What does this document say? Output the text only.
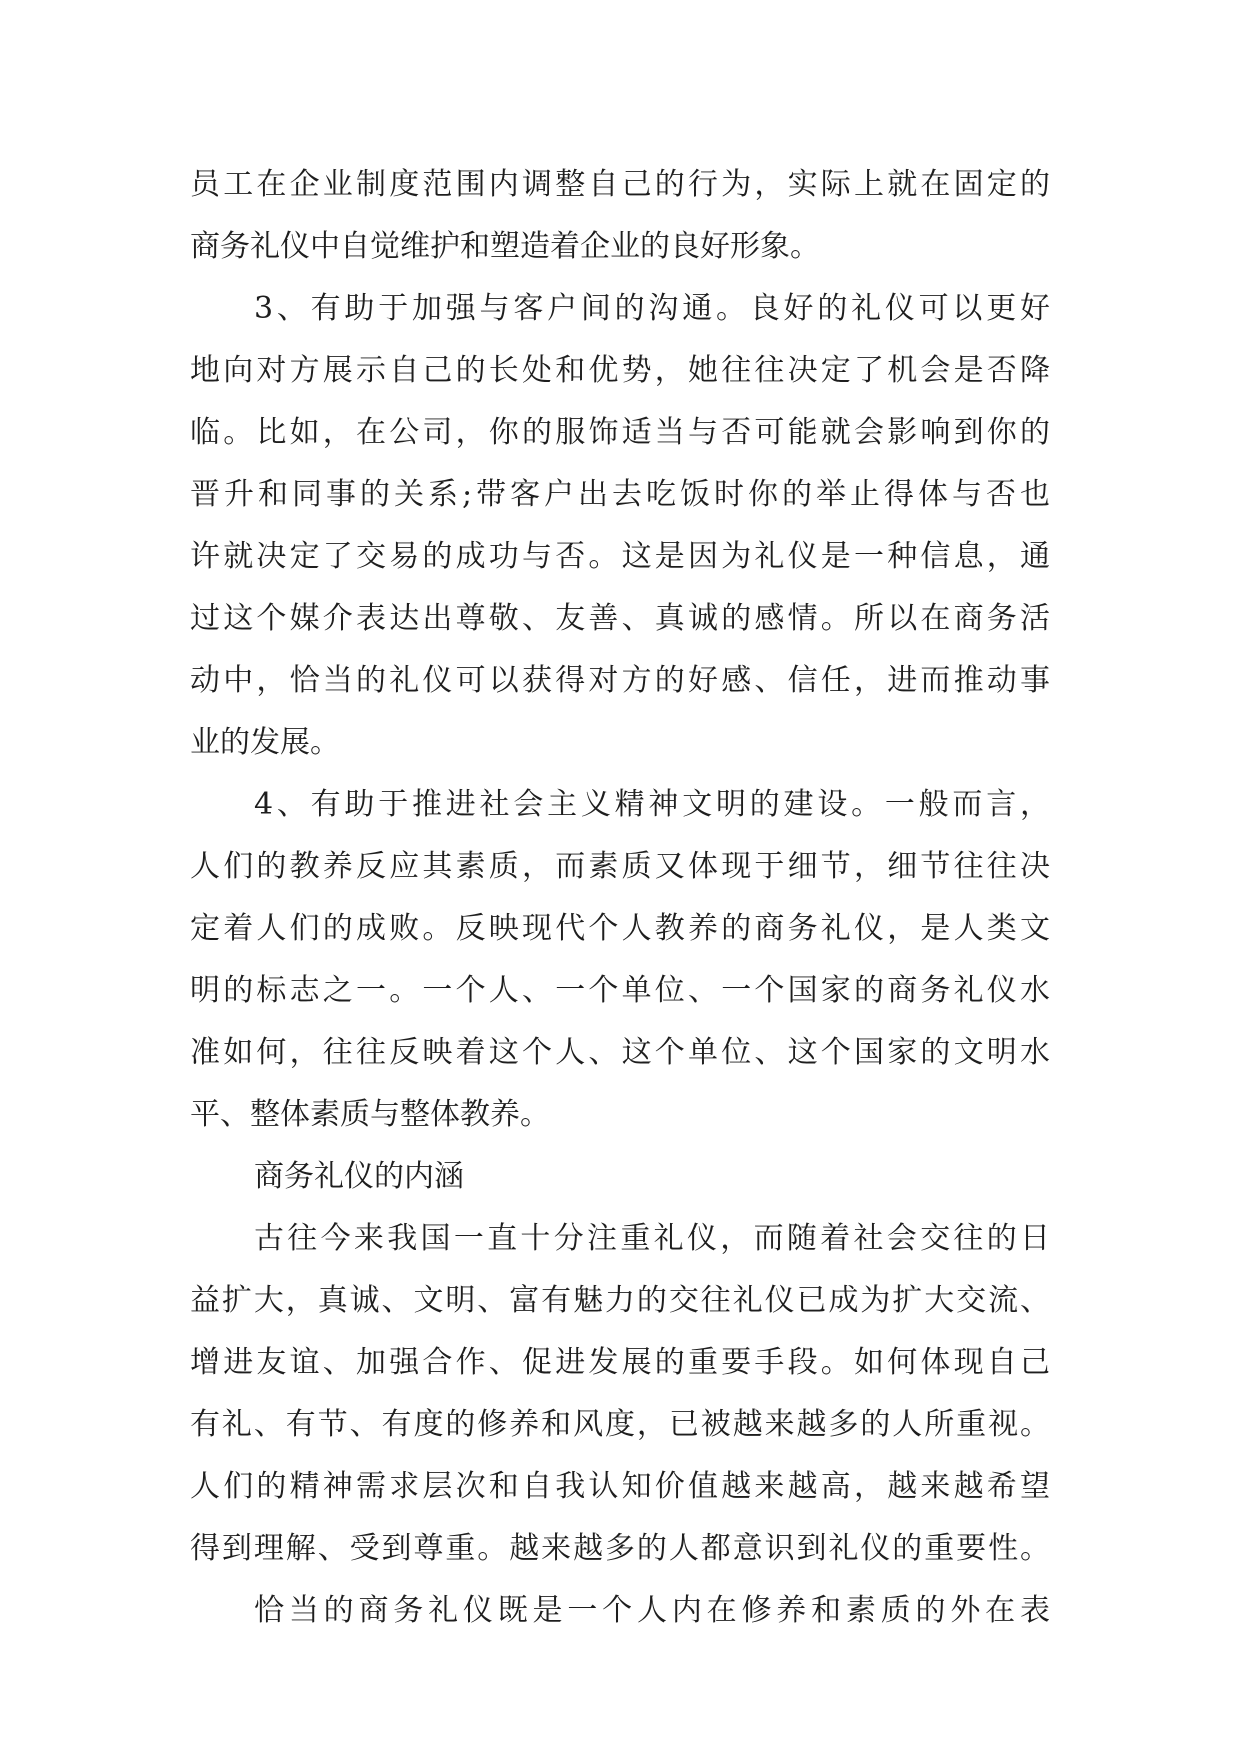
员工在企业制度范围内调整自己的行为，实际上就在固定的
商务礼仪中自觉维护和塑造着企业的良好形象。
3、有助于加强与客户间的沟通。良好的礼仪可以更好
地向对方展示自己的长处和优势，她往往决定了机会是否降
临。比如，在公司，你的服饰适当与否可能就会影响到你的
晋升和同事的关系;带客户出去吃饭时你的举止得体与否也
许就决定了交易的成功与否。这是因为礼仪是一种信息，通
过这个媒介表达出尊敬、友善、真诚的感情。所以在商务活
动中，恰当的礼仪可以获得对方的好感、信任，进而推动事
业的发展。
4、有助于推进社会主义精神文明的建设。一般而言，
人们的教养反应其素质，而素质又体现于细节，细节往往决
定着人们的成败。反映现代个人教养的商务礼仪，是人类文
明的标志之一。一个人、一个单位、一个国家的商务礼仪水
准如何，往往反映着这个人、这个单位、这个国家的文明水
平、整体素质与整体教养。
商务礼仪的内涵
古往今来我国一直十分注重礼仪，而随着社会交往的日
益扩大，真诚、文明、富有魅力的交往礼仪已成为扩大交流、
增进友谊、加强合作、促进发展的重要手段。如何体现自己
有礼、有节、有度的修养和风度，已被越来越多的人所重视。
人们的精神需求层次和自我认知价值越来越高，越来越希望
得到理解、受到尊重。越来越多的人都意识到礼仪的重要性。
恰当的商务礼仪既是一个人内在修养和素质的外在表
